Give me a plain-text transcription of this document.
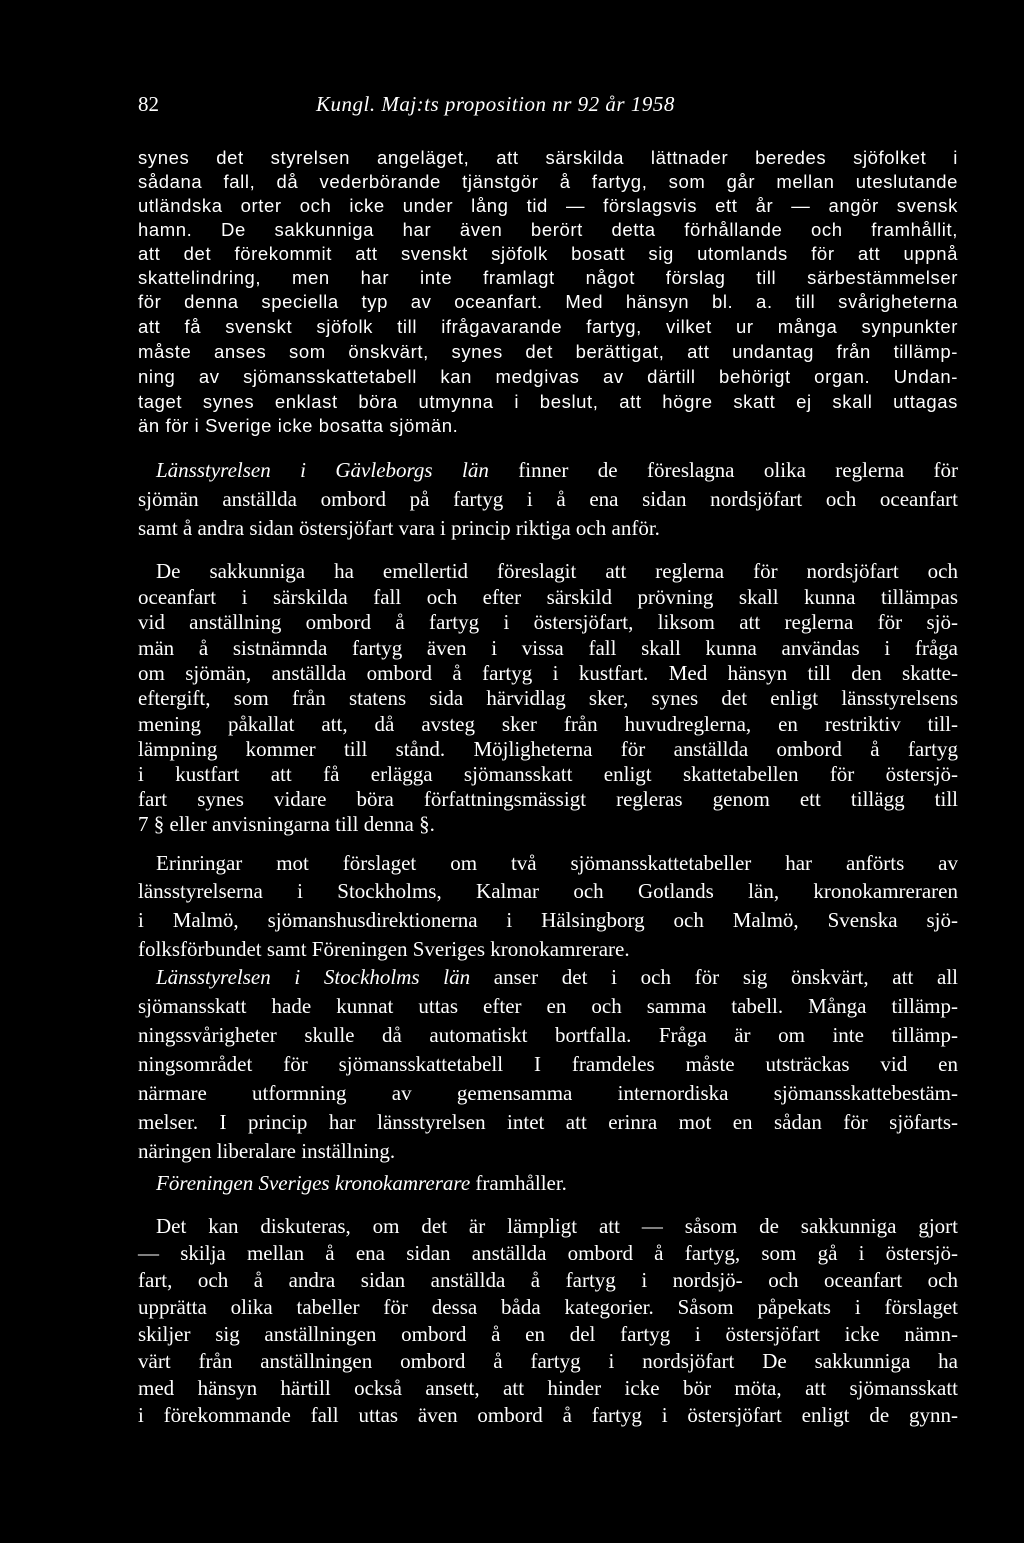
82	Kungl. Maj:ts proposition nr 92 år 1958
synes det styrelsen angeläget, att särskilda lättnader beredes sjöfolket i
sådana fall, då vederbörande tjänstgör å fartyg, som går mellan uteslutande
utländska orter och icke under lång tid — förslagsvis ett år — angör svensk
hamn. De sakkunniga har även berört detta förhållande och framhållit,
att det förekommit att svenskt sjöfolk bosatt sig utomlands för att uppnå
skattelindring, men har inte framlagt något förslag till särbestämmelser
för denna speciella typ av oceanfart. Med hänsyn bl. a. till svårigheterna
att få svenskt sjöfolk till ifrågavarande fartyg, vilket ur många synpunkter
måste anses som önskvärt, synes det berättigat, att undantag från tillämp-
ning av sjömansskattetabell kan medgivas av därtill behörigt organ. Undan-
taget synes enklast böra utmynna i beslut, att högre skatt ej skall uttagas
än för i Sverige icke bosatta sjömän.
Länsstyrelsen i Gävleborgs län finner de föreslagna olika reglerna för
sjömän anställda ombord på fartyg i å ena sidan nordsjöfart och oceanfart
samt å andra sidan östersjöfart vara i princip riktiga och anför.
De sakkunniga ha emellertid föreslagit att reglerna för nordsjöfart och
oceanfart i särskilda fall och efter särskild prövning skall kunna tillämpas
vid anställning ombord å fartyg i östersjöfart, liksom att reglerna för sjö-
män å sistnämnda fartyg även i vissa fall skall kunna användas i fråga
om sjömän, anställda ombord å fartyg i kustfart. Med hänsyn till den skatte-
eftergift, som från statens sida härvidlag sker, synes det enligt länsstyrelsens
mening påkallat att, då avsteg sker från huvudreglerna, en restriktiv till-
lämpning kommer till stånd. Möjligheterna för anställda ombord å fartyg
i kustfart att få erlägga sjömansskatt enligt skattetabellen för östersjö-
fart synes vidare böra författningsmässigt regleras genom ett tillägg till
7 § eller anvisningarna till denna §.
Erinringar mot förslaget om två sjömansskattetabeller har anförts av
länsstyrelserna i Stockholms, Kalmar och Gotlands län, kronokamreraren
i Malmö, sjömanshusdirektionerna i Hälsingborg och Malmö, Svenska sjö-
folksförbundet samt Föreningen Sveriges kronokamrerare.
Länsstyrelsen i Stockholms län anser det i och för sig önskvärt, att all
sjömansskatt hade kunnat uttas efter en och samma tabell. Många tillämp-
ningssvårigheter skulle då automatiskt bortfalla. Fråga är om inte tillämp-
ningsområdet för sjömansskattetabell I framdeles måste utsträckas vid en
närmare utformning av gemensamma internordiska sjömansskattebestäm-
melser. I princip har länsstyrelsen intet att erinra mot en sådan för sjöfarts-
näringen liberalare inställning.
Föreningen Sveriges kronokamrerare framhåller.
Det kan diskuteras, om det är lämpligt att — såsom de sakkunniga gjort
— skilja mellan å ena sidan anställda ombord å fartyg, som gå i östersjö-
fart, och å andra sidan anställda å fartyg i nordsjö- och oceanfart och
upprätta olika tabeller för dessa båda kategorier. Såsom påpekats i förslaget
skiljer sig anställningen ombord å en del fartyg i östersjöfart icke nämn-
värt från anställningen ombord å fartyg i nordsjöfart De sakkunniga ha
med hänsyn härtill också ansett, att hinder icke bör möta, att sjömansskatt
i förekommande fall uttas även ombord å fartyg i östersjöfart enligt de gynn-
